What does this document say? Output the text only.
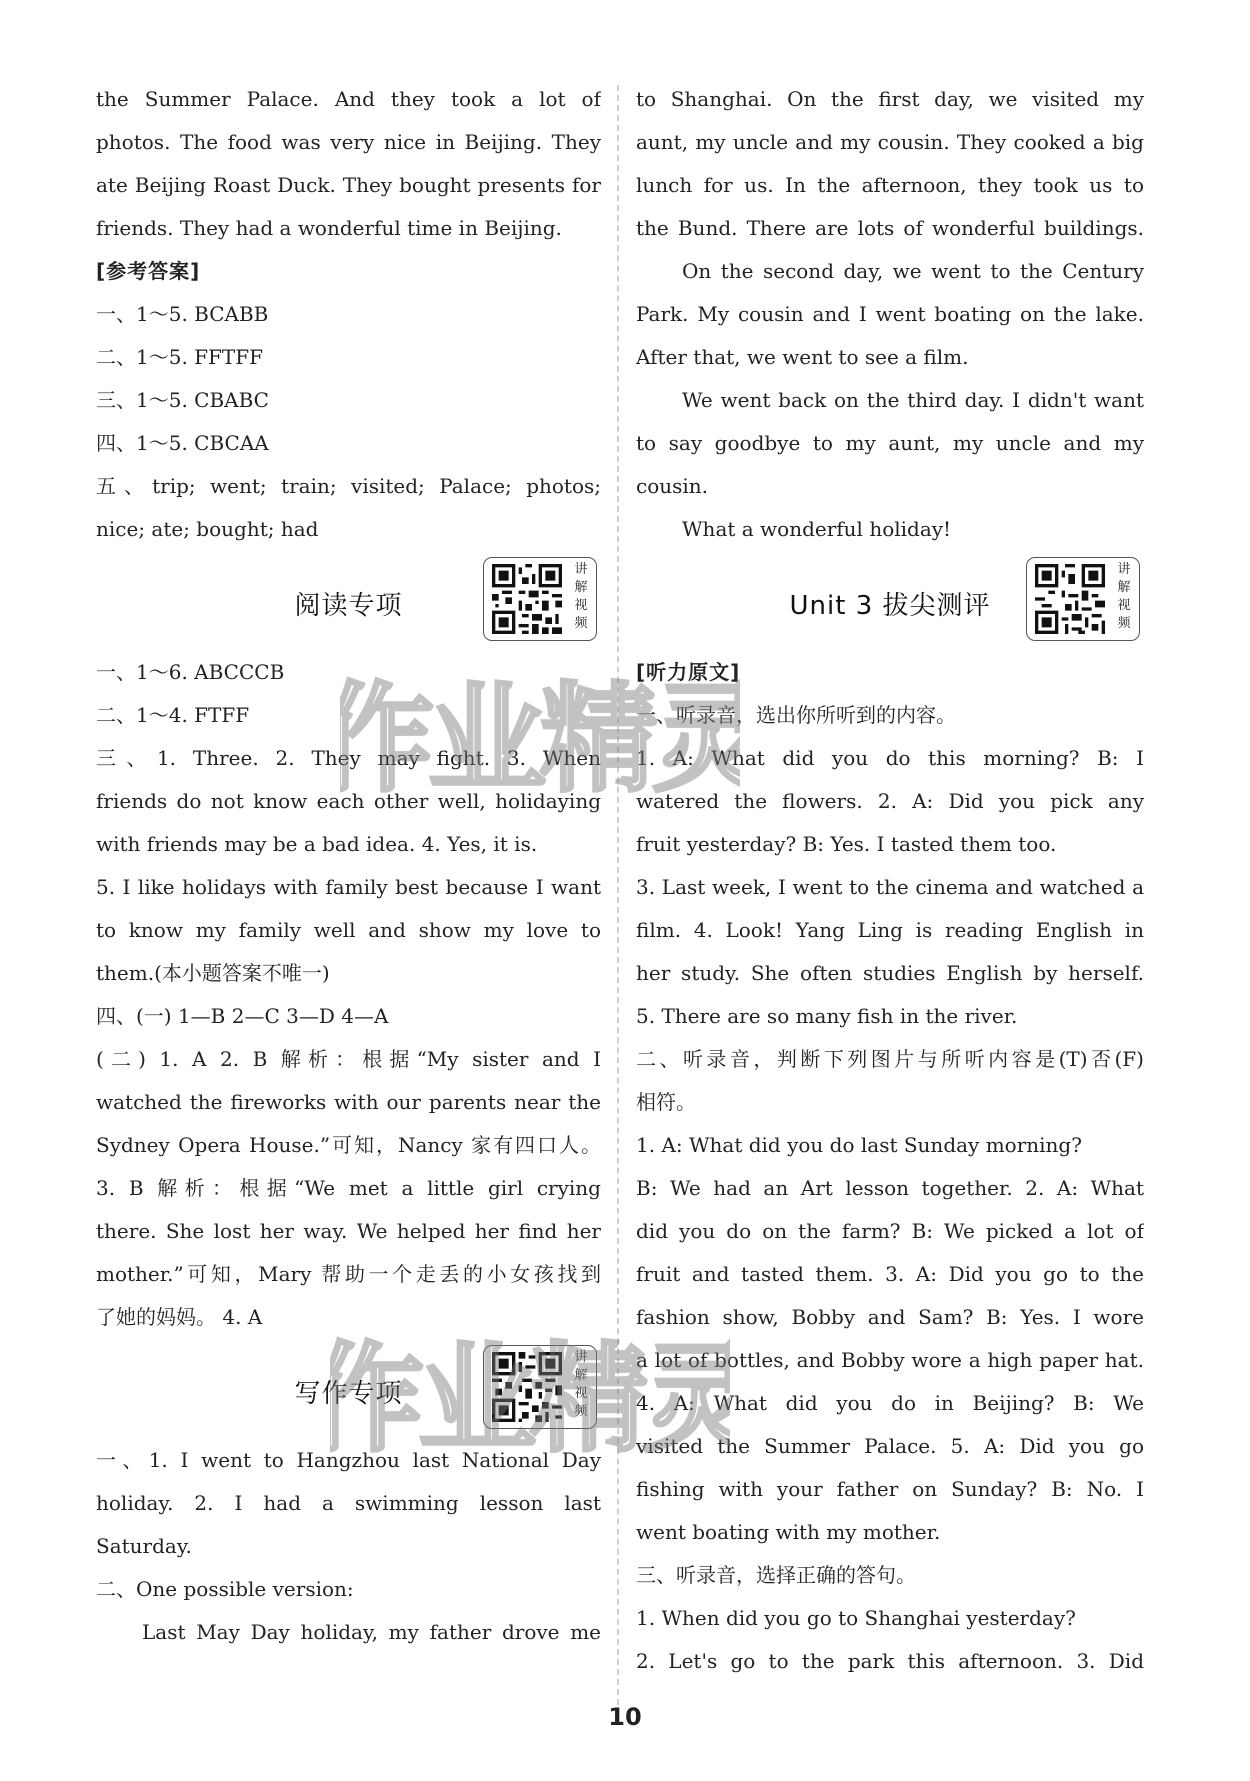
the Summer Palace. And they took a lot of
photos. The food was very nice in Beijing. They
ate Beijing Roast Duck. They bought presents for
friends. They had a wonderful time in Beijing.
[参考答案]
一、1～5. BCABB
二、1～5. FFTFF
三、1～5. CBABC
四、1～5. CBCAA
五、trip; went; train; visited; Palace; photos;
nice; ate; bought; had
阅读专项
讲解视频
一、1～6. ABCCCB
二、1～4. FTFF
三、1. Three. 2. They may fight. 3. When
friends do not know each other well, holidaying
with friends may be a bad idea. 4. Yes, it is.
5. I like holidays with family best because I want
to know my family well and show my love to
them.(本小题答案不唯一)
四、(一) 1—B 2—C 3—D 4—A
(二) 1. A 2. B 解析：根据“My sister and I
watched the fireworks with our parents near the
Sydney Opera House.”可知，Nancy 家有四口人。
3. B 解析：根据“We met a little girl crying
there. She lost her way. We helped her find her
mother.”可知，Mary 帮助一个走丢的小女孩找到
了她的妈妈。 4. A
写作专项
讲解视频
一、1. I went to Hangzhou last National Day
holiday. 2. I had a swimming lesson last
Saturday.
二、One possible version:
Last May Day holiday, my father drove me
to Shanghai. On the first day, we visited my
aunt, my uncle and my cousin. They cooked a big
lunch for us. In the afternoon, they took us to
the Bund. There are lots of wonderful buildings.
On the second day, we went to the Century
Park. My cousin and I went boating on the lake.
After that, we went to see a film.
We went back on the third day. I didn't want
to say goodbye to my aunt, my uncle and my
cousin.
What a wonderful holiday!
Unit 3 拔尖测评
讲解视频
[听力原文]
一、听录音，选出你所听到的内容。
1. A: What did you do this morning? B: I
watered the flowers. 2. A: Did you pick any
fruit yesterday? B: Yes. I tasted them too.
3. Last week, I went to the cinema and watched a
film. 4. Look! Yang Ling is reading English in
her study. She often studies English by herself.
5. There are so many fish in the river.
二、听录音，判断下列图片与所听内容是(T)否(F)
相符。
1. A: What did you do last Sunday morning?
B: We had an Art lesson together. 2. A: What
did you do on the farm? B: We picked a lot of
fruit and tasted them. 3. A: Did you go to the
fashion show, Bobby and Sam? B: Yes. I wore
a lot of bottles, and Bobby wore a high paper hat.
4. A: What did you do in Beijing? B: We
visited the Summer Palace. 5. A: Did you go
fishing with your father on Sunday? B: No. I
went boating with my mother.
三、听录音，选择正确的答句。
1. When did you go to Shanghai yesterday?
2. Let's go to the park this afternoon. 3. Did
作业精灵
作业精灵
10
